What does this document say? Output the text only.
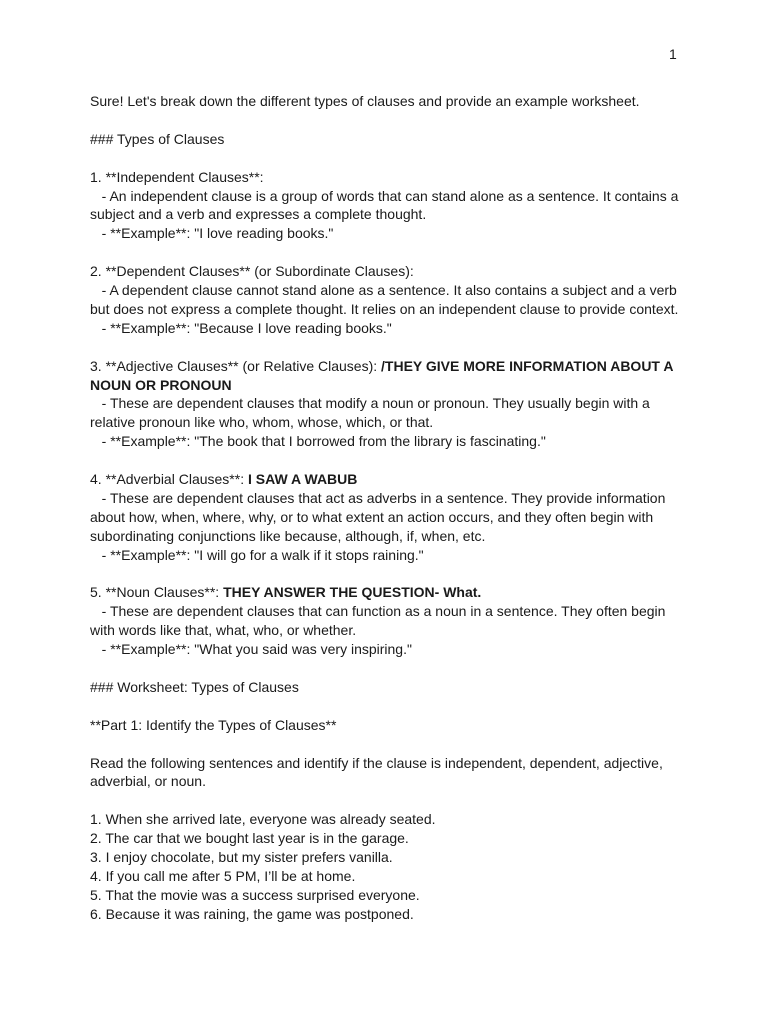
1

Sure! Let's break down the different types of clauses and provide an example worksheet.

### Types of Clauses

1. **Independent Clauses**:

- An independent clause is a group of words that can stand alone as a sentence. It contains a

subject and a verb and expresses a complete thought.

- **Example**: "I love reading books."

2. **Dependent Clauses** (or Subordinate Clauses):

- A dependent clause cannot stand alone as a sentence. It also contains a subject and a verb

but does not express a complete thought. It relies on an independent clause to provide context.

- **Example**: "Because I love reading books."

3. **Adjective Clauses** (or Relative Clauses): /THEY GIVE MORE INFORMATION ABOUT A

NOUN OR PRONOUN

- These are dependent clauses that modify a noun or pronoun. They usually begin with a

relative pronoun like who, whom, whose, which, or that.

- **Example**: "The book that I borrowed from the library is fascinating."

4. **Adverbial Clauses**: I SAW A WABUB

- These are dependent clauses that act as adverbs in a sentence. They provide information

about how, when, where, why, or to what extent an action occurs, and they often begin with

subordinating conjunctions like because, although, if, when, etc.

- **Example**: "I will go for a walk if it stops raining."

5. **Noun Clauses**: THEY ANSWER THE QUESTION- What.

- These are dependent clauses that can function as a noun in a sentence. They often begin

with words like that, what, who, or whether.

- **Example**: "What you said was very inspiring."

### Worksheet: Types of Clauses

**Part 1: Identify the Types of Clauses**

Read the following sentences and identify if the clause is independent, dependent, adjective,

adverbial, or noun.

1. When she arrived late, everyone was already seated.

2. The car that we bought last year is in the garage.

3. I enjoy chocolate, but my sister prefers vanilla.

4. If you call me after 5 PM, I’ll be at home.

5. That the movie was a success surprised everyone.

6. Because it was raining, the game was postponed.
